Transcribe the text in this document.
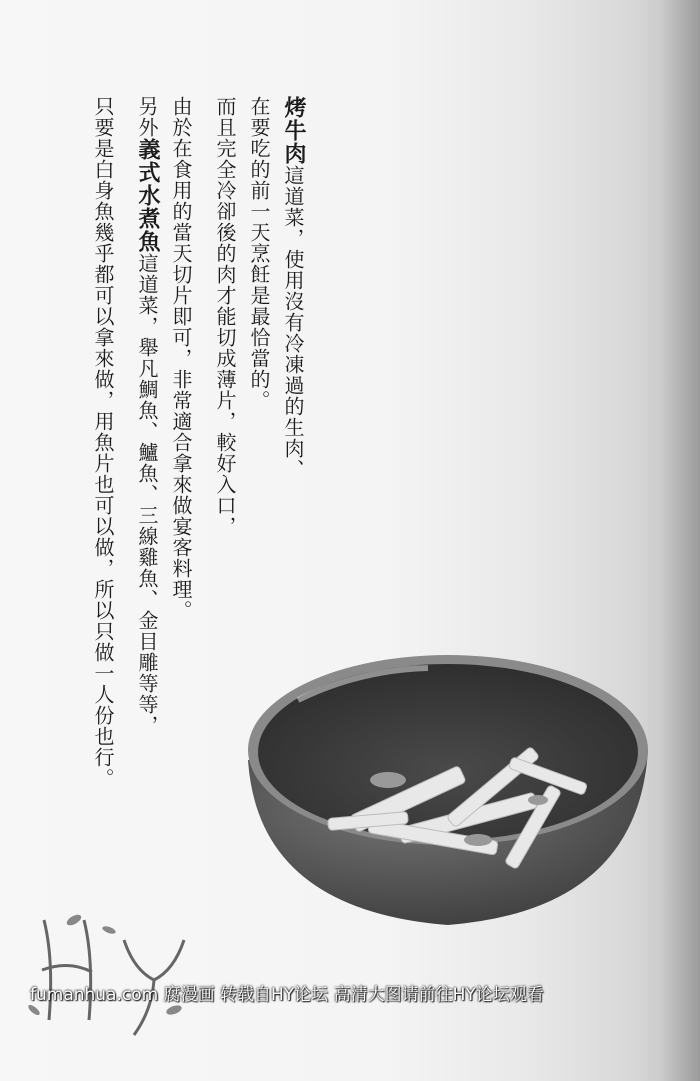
烤牛肉這道菜，使用沒有冷凍過的生肉、

在要吃的前一天烹飪是最恰當的。

而且完全冷卻後的肉才能切成薄片，較好入口，

由於在食用的當天切片即可，非常適合拿來做宴客料理。

另外義式水煮魚這道菜，舉凡鯛魚、鱸魚、三線雞魚、金目雕等等，

只要是白身魚幾乎都可以拿來做，用魚片也可以做，所以只做一人份也行。

fumanhua.com 腐漫画 转载自HY论坛 高清大图请前往HY论坛观看
